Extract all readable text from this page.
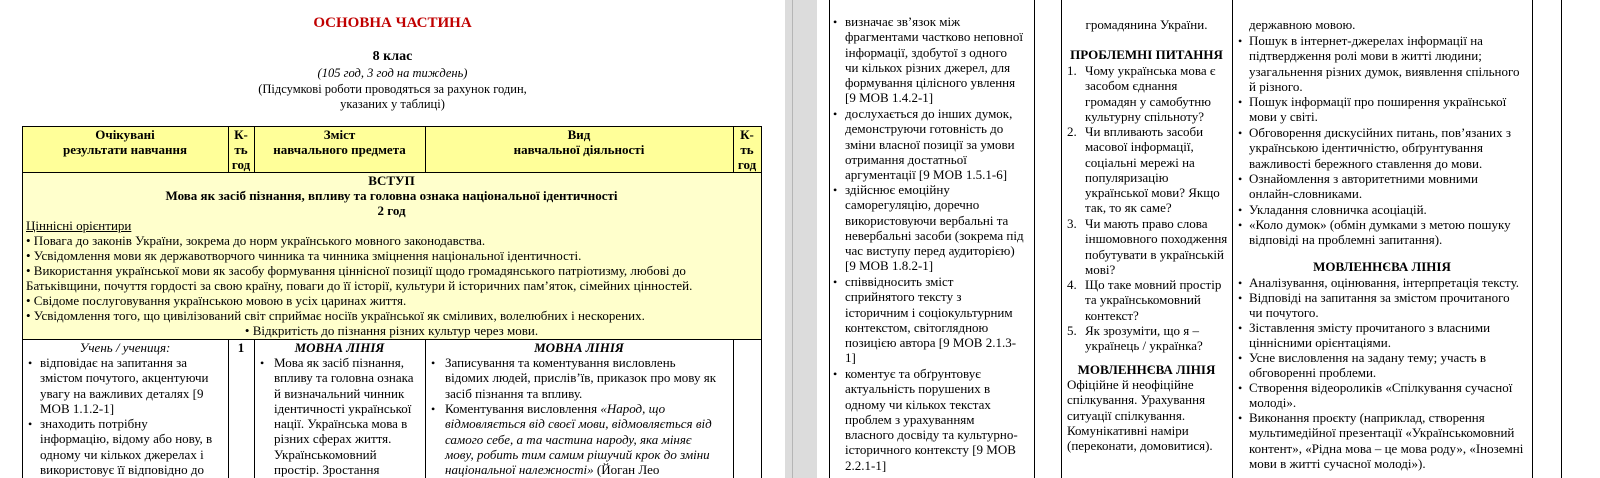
ОСНОВНА ЧАСТИНА
8 клас
(105 год, 3 год на тиждень)
(Підсумкові роботи проводяться за рахунок годин,
указаних у таблиці)
Очікувані
результати навчання
К-
ть
год
Зміст
навчального предмета
Вид
навчальної діяльності
К-
ть
год
ВСТУП
Мова як засіб пізнання, впливу та головна ознака національної ідентичності
2 год
Ціннісні орієнтири
• Повага до законів України, зокрема до норм українського мовного законодавства.
• Усвідомлення мови як державотворчого чинника та чинника зміцнення національної ідентичності.
• Використання української мови як засобу формування ціннісної позиції щодо громадянського патріотизму, любові до
Батьківщини, почуття гордості за свою країну, поваги до її історії, культури й історичних пам’яток, сімейних цінностей.
• Свідоме послуговування українською мовою в усіх царинах життя.
• Усвідомлення того, що цивілізований світ сприймає носіїв української як сміливих, волелюбних і нескорених.
• Відкритість до пізнання різних культур через мови.
Учень / учениця:
• відповідає на запитання за
змістом почутого, акцентуючи
увагу на важливих деталях [9
МОВ 1.1.2-1]
• знаходить потрібну
інформацію, відому або нову, в
одному чи кількох джерелах і
використовує її відповідно до
1	МОВНА ЛІНІЯ
• Мова як засіб пізнання,
впливу та головна ознака
й визначальний чинник
ідентичності української
нації. Українська мова в
різних сферах життя.
Українськомовний
простір. Зростання
МОВНА ЛІНІЯ
• Записування та коментування висловлень
відомих людей, прислів’їв, приказок про мову як
засіб пізнання та впливу.
• Коментування висловлення «Народ, що
відмовляється від своєї мови, відмовляється від
самого себе, а та частина народу, яка міняє
мову, робить тим самим рішучий крок до зміни
національної належності» (Йоган Лео
• визначає зв’язок між
фрагментами частково неповної
інформації, здобутої з одного
чи кількох різних джерел, для
формування цілісного увлення
[9 МОВ 1.4.2-1]
• дослухається до інших думок,
демонструючи готовність до
зміни власної позиції за умови
отримання достатньої
аргументації [9 МОВ 1.5.1-6]
• здійснює емоційну
саморегуляцію, доречно
використовуючи вербальні та
невербальні засоби (зокрема під
час виступу перед аудиторією)
[9 МОВ 1.8.2-1]
• співвідносить зміст
сприйнятого тексту з
історичним і соціокультурним
контекстом, світоглядною
позицією автора [9 МОВ 2.1.3-
1]
• коментує та обґрунтовує
актуальність порушених в
одному чи кількох текстах
проблем з урахуванням
власного досвіду та культурно-
історичного контексту [9 МОВ
2.2.1-1]
громадянина України.
ПРОБЛЕМНІ ПИТАННЯ
1. Чому українська мова є
засобом єднання
громадян у самобутню
культурну спільноту?
2. Чи впливають засоби
масової інформації,
соціальні мережі на
популяризацію
української мови? Якщо
так, то як саме?
3. Чи мають право слова
іншомовного походження
побутувати в українській
мові?
4. Що таке мовний простір
та українськомовний
контекст?
5. Як зрозуміти, що я –
українець / українка?
МОВЛЕННЄВА ЛІНІЯ
Офіційне й неофіційне
спілкування. Урахування
ситуації спілкування.
Комунікативні наміри
(переконати, домовитися).
державною мовою.
• Пошук в інтернет-джерелах інформації на
підтвердження ролі мови в житті людини;
узагальнення різних думок, виявлення спільного
й різного.
• Пошук інформації про поширення української
мови у світі.
• Обговорення дискусійних питань, пов’язаних з
українською ідентичністю, обґрунтування
важливості бережного ставлення до мови.
• Ознайомлення з авторитетними мовними
онлайн-словниками.
• Укладання словничка асоціацій.
• «Коло думок» (обмін думками з метою пошуку
відповіді на проблемні запитання).
МОВЛЕННЄВА ЛІНІЯ
• Аналізування, оцінювання, інтерпретація тексту.
• Відповіді на запитання за змістом прочитаного
чи почутого.
• Зіставлення змісту прочитаного з власними
ціннісними орієнтаціями.
• Усне висловлення на задану тему; участь в
обговоренні проблеми.
• Створення відеороликів «Спілкування сучасної
молоді».
• Виконання проєкту (наприклад, створення
мультимедійної презентації «Українськомовний
контент», «Рідна мова – це мова роду», «Іноземні
мови в житті сучасної молоді»).
